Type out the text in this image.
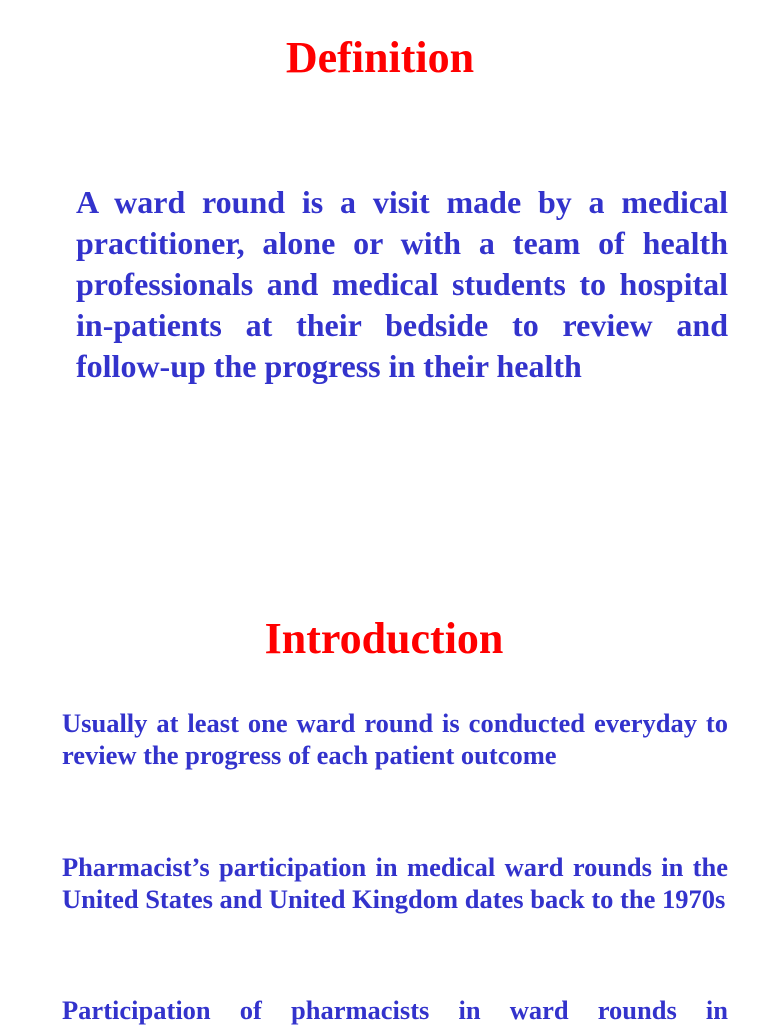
Definition

A ward round is a visit made by a medical practitioner, alone or with a team of health professionals and medical students to hospital in-patients at their bedside to review and follow-up the progress in their health

Introduction

Usually at least one ward round is conducted everyday to review the progress of each patient outcome

Pharmacist’s participation in medical ward rounds in the United States and United Kingdom dates back to the 1970s

Participation of pharmacists in ward rounds in
